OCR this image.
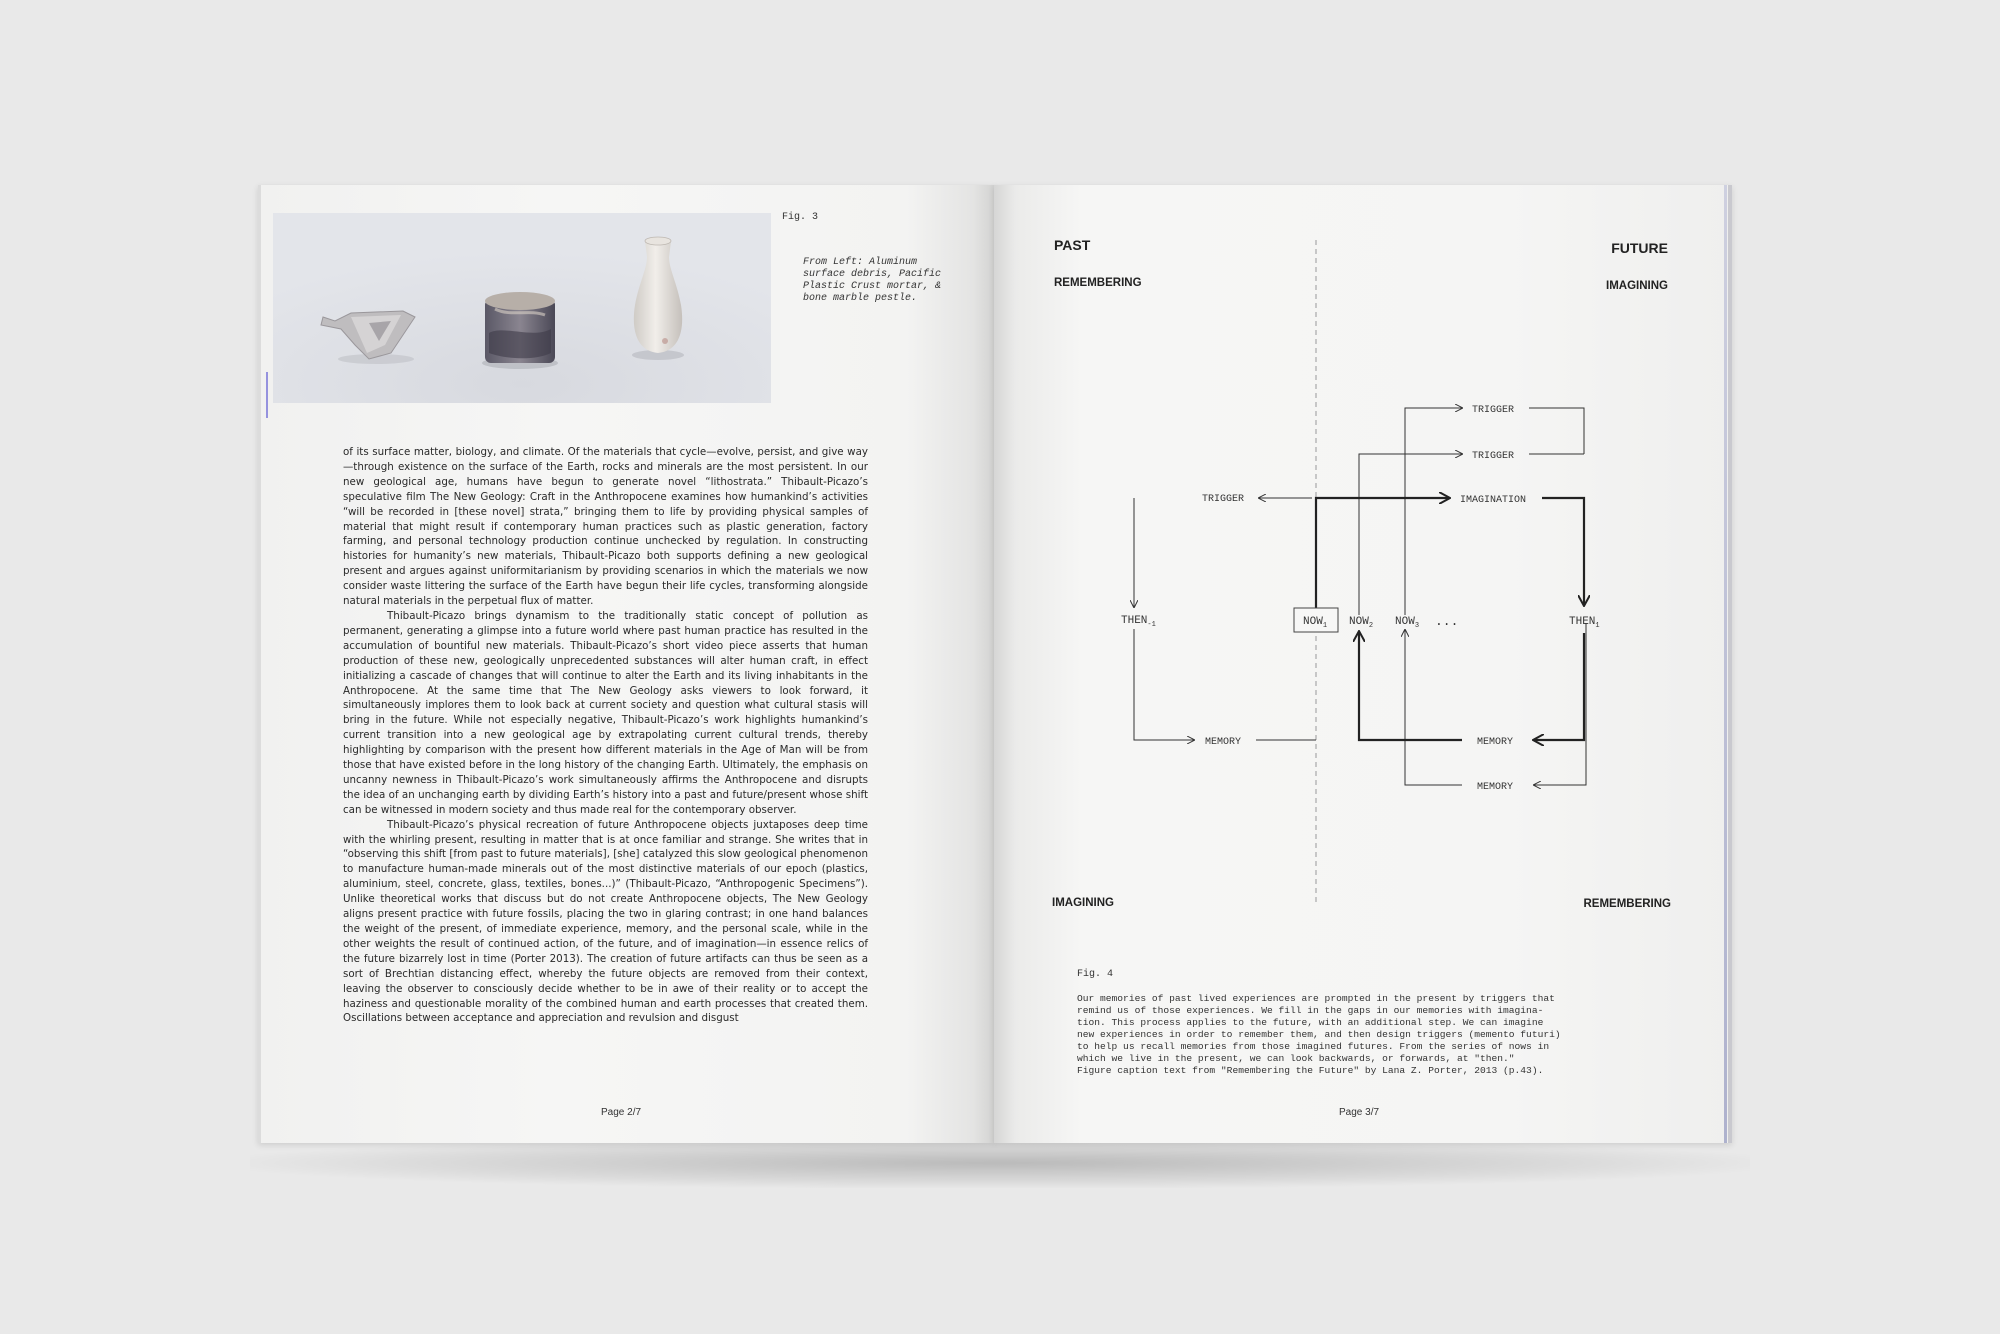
Fig. 3
From Left: Aluminum surface debris, Pacific Plastic Crust mortar, & bone marble pestle.

of its surface matter, biology, and climate. Of the materials that cycle—evolve, persist, and give way—through existence on the surface of the Earth, rocks and minerals are the most persistent. In our new geological age, humans have begun to generate novel “lithostrata.” Thibault-Picazo’s speculative film The New Geology: Craft in the Anthropocene examines how humankind’s activities “will be recorded in [these novel] strata,” bringing them to life by providing physical samples of material that might result if contemporary human practices such as plastic generation, factory farming, and personal technology production continue unchecked by regulation. In constructing histories for humanity’s new materials, Thibault-Picazo both supports defining a new geological present and argues against uniformitarianism by providing scenarios in which the materials we now consider waste littering the surface of the Earth have begun their life cycles, transforming alongside natural materials in the perpetual flux of matter.

Thibault-Picazo brings dynamism to the traditionally static concept of pollution as permanent, generating a glimpse into a future world where past human practice has resulted in the accumulation of bountiful new materials. Thibault-Picazo’s short video piece asserts that human production of these new, geologically unprecedented substances will alter human craft, in effect initializing a cascade of changes that will continue to alter the Earth and its living inhabitants in the Anthropocene. At the same time that The New Geology asks viewers to look forward, it simultaneously implores them to look back at current society and question what cultural stasis will bring in the future. While not especially negative, Thibault-Picazo’s work highlights humankind’s current transition into a new geological age by extrapolating current cultural trends, thereby highlighting by comparison with the present how different materials in the Age of Man will be from those that have existed before in the long history of the changing Earth. Ultimately, the emphasis on uncanny newness in Thibault-Picazo’s work simultaneously affirms the Anthropocene and disrupts the idea of an unchanging earth by dividing Earth’s history into a past and future/present whose shift can be witnessed in modern society and thus made real for the contemporary observer.

Thibault-Picazo’s physical recreation of future Anthropocene objects juxtaposes deep time with the whirling present, resulting in matter that is at once familiar and strange. She writes that in “observing this shift [from past to future materials], [she] catalyzed this slow geological phenomenon to manufacture human-made minerals out of the most distinctive materials of our epoch (plastics, aluminium, steel, concrete, glass, textiles, bones...)” (Thibault-Picazo, “Anthropogenic Specimens”). Unlike theoretical works that discuss but do not create Anthropocene objects, The New Geology aligns present practice with future fossils, placing the two in glaring contrast; in one hand balances the weight of the present, of immediate experience, memory, and the personal scale, while in the other weights the result of continued action, of the future, and of imagination—in essence relics of the future bizarrely lost in time (Porter 2013). The creation of future artifacts can thus be seen as a sort of Brechtian distancing effect, whereby the future objects are removed from their context, leaving the observer to consciously decide whether to be in awe of their reality or to accept the haziness and questionable morality of the combined human and earth processes that created them. Oscillations between acceptance and appreciation and revulsion and disgust

Page 2/7
PAST
REMEMBERING
FUTURE
IMAGINING
IMAGINING	REMEMBERING
TRIGGER
TRIGGER
TRIGGER
IMAGINATION
$THEN_{-1}$	$NOW_1$ $NOW_2$ $NOW_3$ ...	$THEN_1$
MEMORY	MEMORY
MEMORY
Fig. 4
Our memories of past lived experiences are prompted in the present by triggers that
remind us of those experiences. We fill in the gaps in our memories with imagina-
tion. This process applies to the future, with an additional step. We can imagine
new experiences in order to remember them, and then design triggers (memento futuri)
to help us recall memories from those imagined futures. From the series of nows in
which we live in the present, we can look backwards, or forwards, at "then."
Figure caption text from "Remembering the Future" by Lana Z. Porter, 2013 (p.43).
Page 3/7
